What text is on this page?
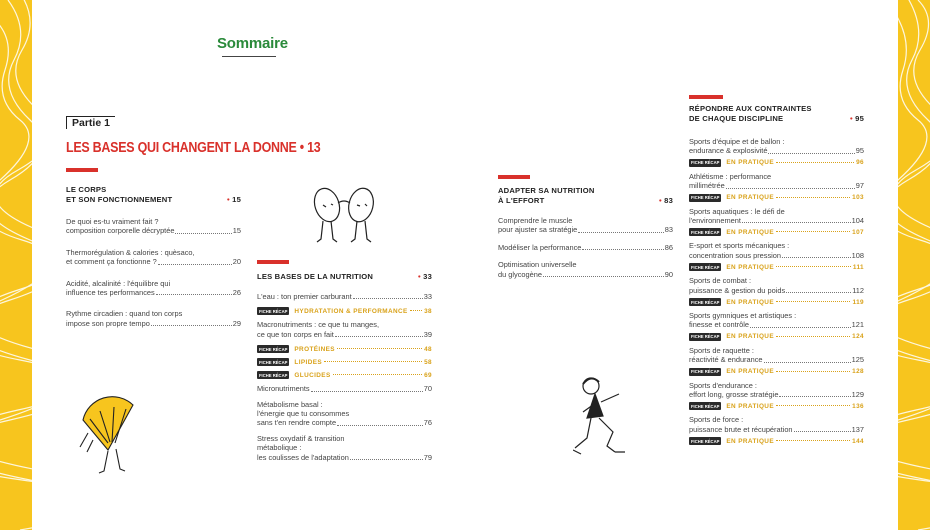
Sommaire
Partie 1
LES BASES QUI CHANGENT LA DONNE • 13
LE CORPS
ET SON FONCTIONNEMENT	• 15
De quoi es-tu vraiment fait ?
composition corporelle décryptée	15
Thermorégulation & calories : quèsaco,
et comment ça fonctionne ?	20
Acidité, alcalinité : l'équilibre qui
influence tes performances	26
Rythme circadien : quand ton corps
impose son propre tempo	29
LES BASES DE LA NUTRITION	• 33
L'eau : ton premier carburant	33
FICHE RÉCAP	HYDRATATION & PERFORMANCE	38
Macronutriments : ce que tu manges,
ce que ton corps en fait	39
FICHE RÉCAP	PROTÉINES	48
FICHE RÉCAP	LIPIDES	58
FICHE RÉCAP	GLUCIDES	69
Micronutriments	70
Métabolisme basal :
l'énergie que tu consommes
sans t'en rendre compte	76
Stress oxydatif & transition
métabolique :
les coulisses de l'adaptation	79
ADAPTER SA NUTRITION
À L'EFFORT	• 83
Comprendre le muscle
pour ajuster sa stratégie	83
Modéliser la performance	86
Optimisation universelle
du glycogène	90
RÉPONDRE AUX CONTRAINTES
DE CHAQUE DISCIPLINE	• 95
Sports d'équipe et de ballon :
endurance & explosivité	95
FICHE RÉCAP	EN PRATIQUE	96
Athlétisme : performance
millimétrée	97
FICHE RÉCAP	EN PRATIQUE	103
Sports aquatiques : le défi de
l'environnement	104
FICHE RÉCAP	EN PRATIQUE	107
E-sport et sports mécaniques :
concentration sous pression	108
FICHE RÉCAP	EN PRATIQUE	111
Sports de combat :
puissance & gestion du poids	112
FICHE RÉCAP	EN PRATIQUE	119
Sports gymniques et artistiques :
finesse et contrôle	121
FICHE RÉCAP	EN PRATIQUE	124
Sports de raquette :
réactivité & endurance	125
FICHE RÉCAP	EN PRATIQUE	128
Sports d'endurance :
effort long, grosse stratégie	129
FICHE RÉCAP	EN PRATIQUE	136
Sports de force :
puissance brute et récupération	137
FICHE RÉCAP	EN PRATIQUE	144
